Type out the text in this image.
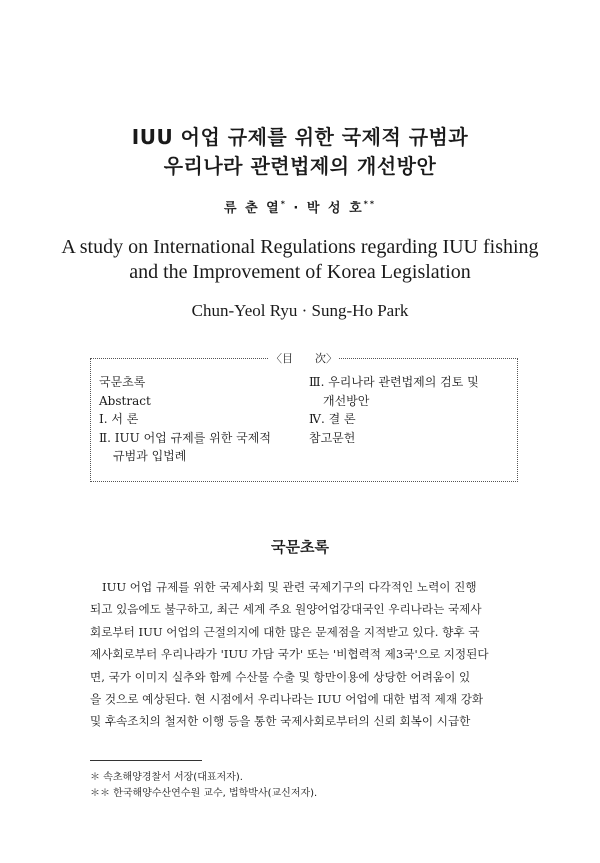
IUU 어업 규제를 위한 국제적 규범과
우리나라 관련법제의 개선방안
류 춘 열* · 박 성 호**
A study on International Regulations regarding IUU fishing
and the Improvement of Korea Legislation
Chun-Yeol Ryu · Sung-Ho Park
〈目　　次〉
국문초록
Abstract
Ⅰ. 서 론
Ⅱ. IUU 어업 규제를 위한 국제적
규범과 입법례
Ⅲ. 우리나라 관련법제의 검토 및
개선방안
Ⅳ. 결 론
참고문헌
국문초록
IUU 어업 규제를 위한 국제사회 및 관련 국제기구의 다각적인 노력이 진행
되고 있음에도 불구하고, 최근 세계 주요 원양어업강대국인 우리나라는 국제사
회로부터 IUU 어업의 근절의지에 대한 많은 문제점을 지적받고 있다. 향후 국
제사회로부터 우리나라가 'IUU 가담 국가' 또는 '비협력적 제3국'으로 지정된다
면, 국가 이미지 실추와 함께 수산물 수출 및 항만이용에 상당한 어려움이 있
을 것으로 예상된다. 현 시점에서 우리나라는 IUU 어업에 대한 법적 제재 강화
및 후속조치의 철저한 이행 등을 통한 국제사회로부터의 신뢰 회복이 시급한
＊ 속초해양경찰서 서장(대표저자).
＊＊ 한국해양수산연수원 교수, 법학박사(교신저자).
